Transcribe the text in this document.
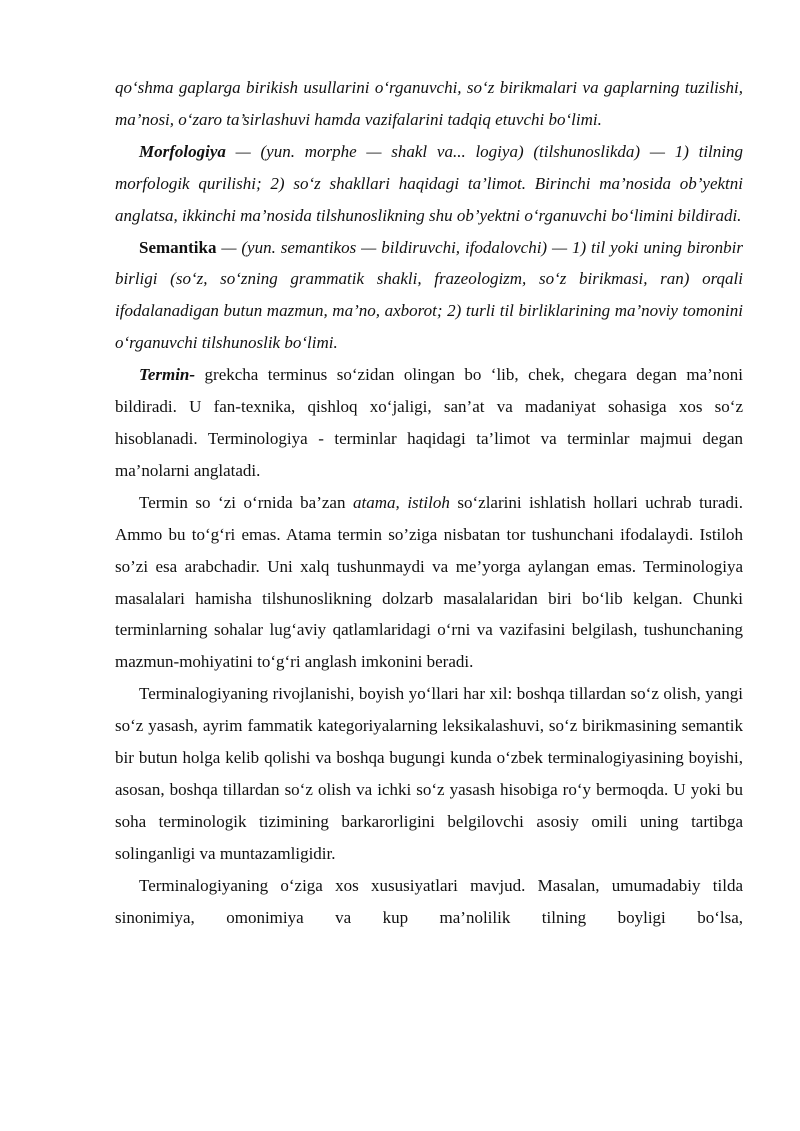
qo‘shma gaplarga birikish usullarini o‘rganuvchi, so‘z birikmalari va gaplarning tuzilishi, ma’nosi, o‘zaro ta’sirlashuvi hamda vazifalarini tadqiq etuvchi bo‘limi.

Morfologiya — (yun. morphe — shakl va... logiya) (tilshunoslikda) — 1) tilning morfologik qurilishi; 2) so‘z shakllari haqidagi ta’limot. Birinchi ma’nosida ob’yektni anglatsa, ikkinchi ma’nosida tilshunoslikning shu ob’yektni o‘rganuvchi bo‘limini bildiradi.

Semantika — (yun. semantikos — bildiruvchi, ifodalovchi) — 1) til yoki uning bironbir birligi (so‘z, so‘zning grammatik shakli, frazeologizm, so‘z birikmasi, ran) orqali ifodalanadigan butun mazmun, ma’no, axborot; 2) turli til birliklarining ma’noviy tomonini o‘rganuvchi tilshunoslik bo‘limi.

Termin- grekcha terminus so‘zidan olingan bo ‘lib, chek, chegara degan ma’noni bildiradi. U fan-texnika, qishloq xo‘jaligi, san’at va madaniyat sohasiga xos so‘z hisoblanadi. Terminologiya - terminlar haqidagi ta’limot va terminlar majmui degan ma’nolarni anglatadi.

Termin so ‘zi o‘rnida ba’zan atama, istiloh so‘zlarini ishlatish hollari uchrab turadi. Ammo bu to‘g‘ri emas. Atama termin so’ziga nisbatan tor tushunchani ifodalaydi. Istiloh so’zi esa arabchadir. Uni xalq tushunmaydi va me’yorga aylangan emas. Terminologiya masalalari hamisha tilshunoslikning dolzarb masalalaridan biri bo‘lib kelgan. Chunki terminlarning sohalar lug‘aviy qatlamlaridagi o‘rni va vazifasini belgilash, tushunchaning mazmun-mohiyatini to‘g‘ri anglash imkonini beradi.

Terminalogiyaning rivojlanishi, boyish yo‘llari har xil: boshqa tillardan so‘z olish, yangi so‘z yasash, ayrim fammatik kategoriyalarning leksikalashuvi, so‘z birikmasining semantik bir butun holga kelib qolishi va boshqa bugungi kunda o‘zbek terminalogiyasining boyishi, asosan, boshqa tillardan so‘z olish va ichki so‘z yasash hisobiga ro‘y bermoqda. U yoki bu soha terminologik tizimining barkarorligini belgilovchi asosiy omili uning tartibga solinganligi va muntazamligidir.

Terminalogiyaning o‘ziga xos xususiyatlari mavjud. Masalan, umumadabiy tilda sinonimiya, omonimiya va kup ma’nolilik tilning boyligi bo‘lsa,
